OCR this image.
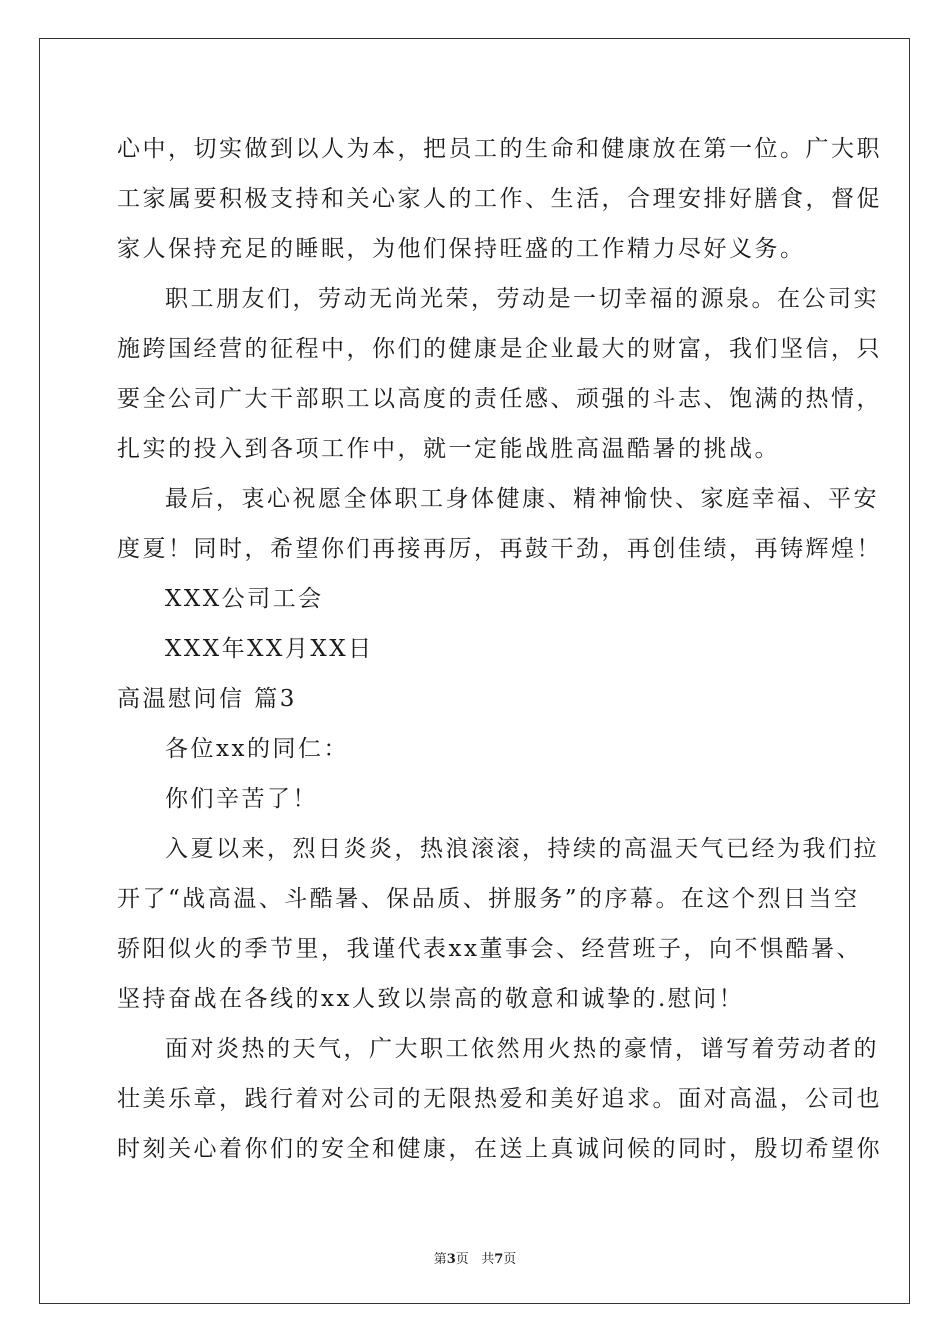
心中，切实做到以人为本，把员工的生命和健康放在第一位。广大职
工家属要积极支持和关心家人的工作、生活，合理安排好膳食，督促
家人保持充足的睡眠，为他们保持旺盛的工作精力尽好义务。
职工朋友们，劳动无尚光荣，劳动是一切幸福的源泉。在公司实
施跨国经营的征程中，你们的健康是企业最大的财富，我们坚信，只
要全公司广大干部职工以高度的责任感、顽强的斗志、饱满的热情，
扎实的投入到各项工作中，就一定能战胜高温酷暑的挑战。
最后，衷心祝愿全体职工身体健康、精神愉快、家庭幸福、平安
度夏！同时，希望你们再接再厉，再鼓干劲，再创佳绩，再铸辉煌！
XXX公司工会
XXX年XX月XX日
高温慰问信 篇3
各位xx的同仁：
你们辛苦了！
入夏以来，烈日炎炎，热浪滚滚，持续的高温天气已经为我们拉
开了“战高温、斗酷暑、保品质、拼服务”的序幕。在这个烈日当空
骄阳似火的季节里，我谨代表xx董事会、经营班子，向不惧酷暑、
坚持奋战在各线的xx人致以崇高的敬意和诚挚的.慰问！
面对炎热的天气，广大职工依然用火热的豪情，谱写着劳动者的
壮美乐章，践行着对公司的无限热爱和美好追求。面对高温，公司也
时刻关心着你们的安全和健康，在送上真诚问候的同时，殷切希望你
第3页 共7页
